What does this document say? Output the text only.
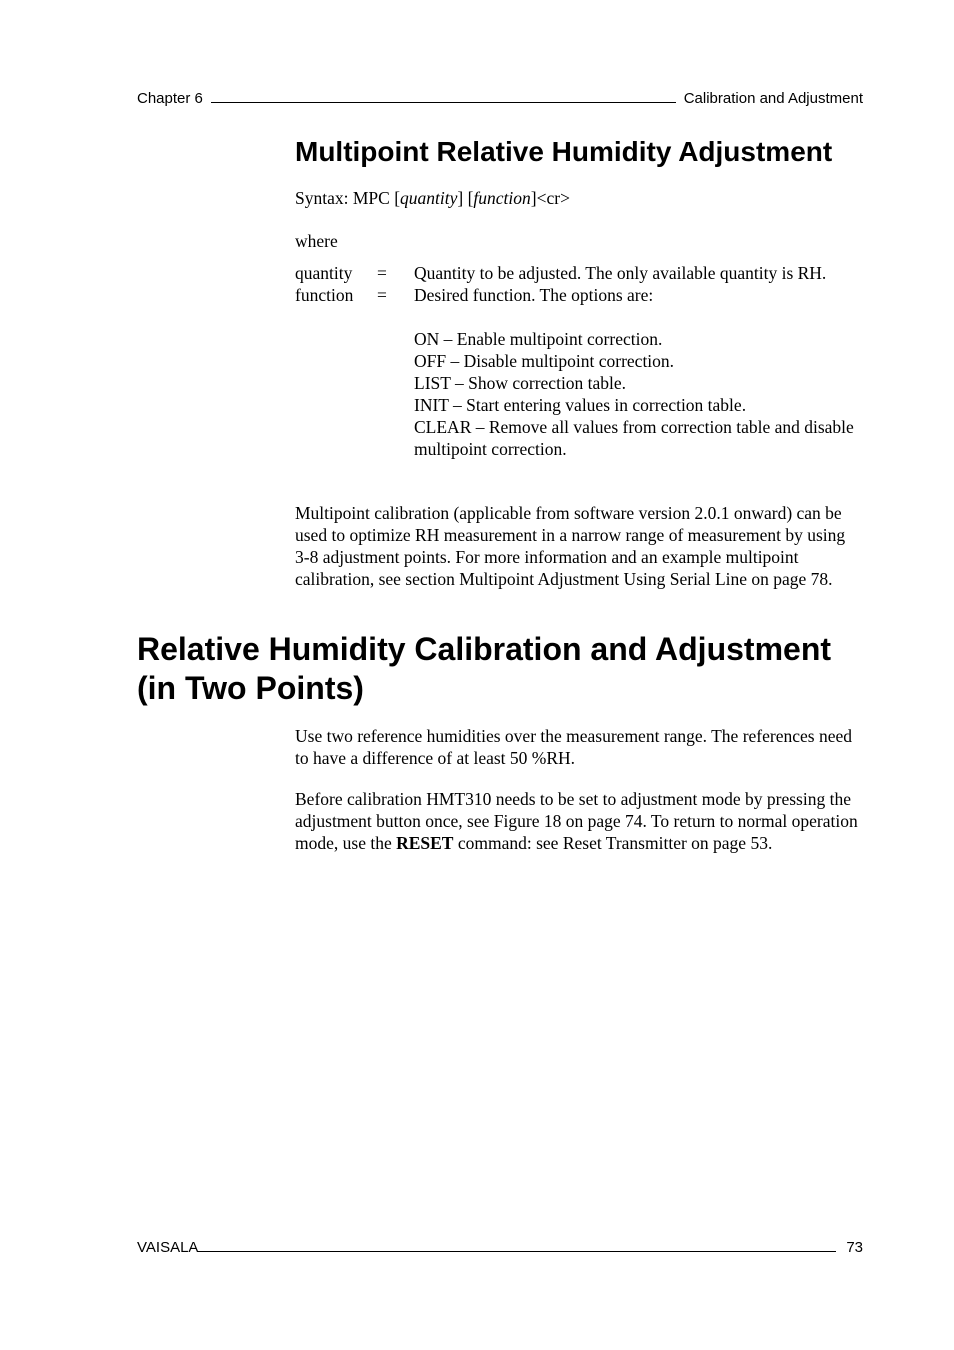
Chapter 6	Calibration and Adjustment
Multipoint Relative Humidity Adjustment

Syntax: MPC [quantity] [function]<cr>

where

quantity	=	Quantity to be adjusted. The only available quantity is RH.
function	=	Desired function. The options are:
ON – Enable multipoint correction.
OFF – Disable multipoint correction.
LIST – Show correction table.
INIT – Start entering values in correction table.
CLEAR – Remove all values from correction table and disable multipoint correction.

Multipoint calibration (applicable from software version 2.0.1 onward) can be used to optimize RH measurement in a narrow range of measurement by using 3-8 adjustment points. For more information and an example multipoint calibration, see section Multipoint Adjustment Using Serial Line on page 78.

Relative Humidity Calibration and Adjustment (in Two Points)

Use two reference humidities over the measurement range. The references need to have a difference of at least 50 %RH.

Before calibration HMT310 needs to be set to adjustment mode by pressing the adjustment button once, see Figure 18 on page 74. To return to normal operation mode, use the RESET command: see Reset Transmitter on page 53.

VAISALA	73
